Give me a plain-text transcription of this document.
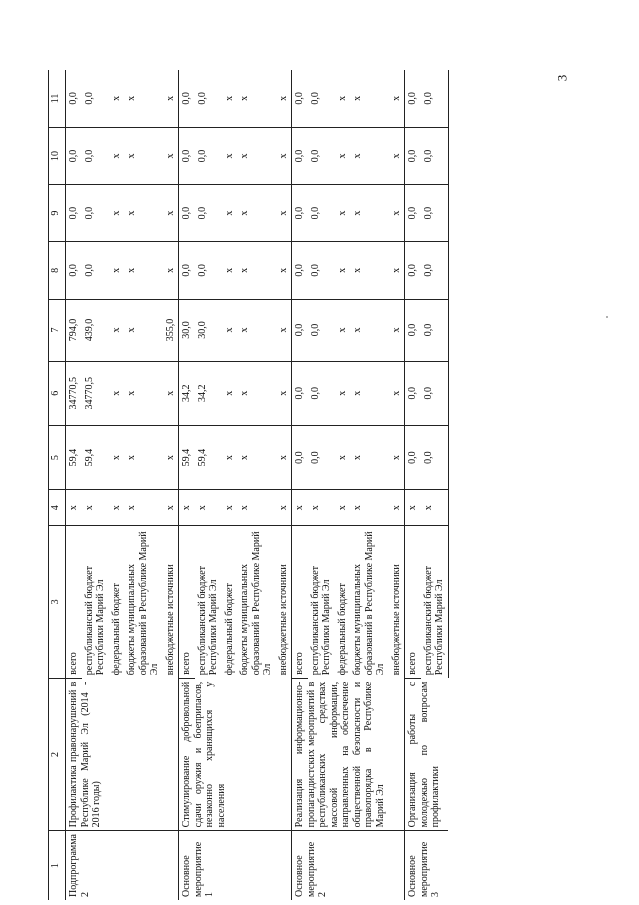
3
1	2	3	4	5	6	7	8	9	10	11
Подпрограмма 2	Профилактика правонарушений в Республике Марий Эл (2014 - 2016 годы)	всего	х	59,4	34770,5	794,0	0,0	0,0	0,0	0,0
		республиканский бюджет Республики Марий Эл	х	59,4	34770,5	439,0	0,0	0,0	0,0	0,0
		федеральный бюджет	х	х	х	х	х	х	х	х
		бюджеты муниципальных образований в Республике Марий Эл	х	х	х	х	х	х	х	х
		внебюджетные источники	х	х	х	355,0	х	х	х	х
Основное мероприятие 1	Стимулирование добровольной сдачи оружия и боеприпасов, незаконно хранящихся у населения	всего	х	59,4	34,2	30,0	0,0	0,0	0,0	0,0
		республиканский бюджет Республики Марий Эл	х	59,4	34,2	30,0	0,0	0,0	0,0	0,0
		федеральный бюджет	х	х	х	х	х	х	х	х
		бюджеты муниципальных образований в Республике Марий Эл	х	х	х	х	х	х	х	х
		внебюджетные источники	х	х	х	х	х	х	х	х
Основное мероприятие 2	Реализация информационно-пропагандистских мероприятий в республиканских средствах массовой информации, направленных на обеспечение общественной безопасности и правопорядка в Республике Марий Эл	всего	х	0,0	0,0	0,0	0,0	0,0	0,0	0,0
		республиканский бюджет Республики Марий Эл	х	0,0	0,0	0,0	0,0	0,0	0,0	0,0
		федеральный бюджет	х	х	х	х	х	х	х	х
		бюджеты муниципальных образований в Республике Марий Эл	х	х	х	х	х	х	х	х
		внебюджетные источники	х	х	х	х	х	х	х	х
Основное мероприятие 3	Организация работы с молодежью по вопросам профилактики	всего	х	0,0	0,0	0,0	0,0	0,0	0,0	0,0
		республиканский бюджет Республики Марий Эл	х	0,0	0,0	0,0	0,0	0,0	0,0	0,0
